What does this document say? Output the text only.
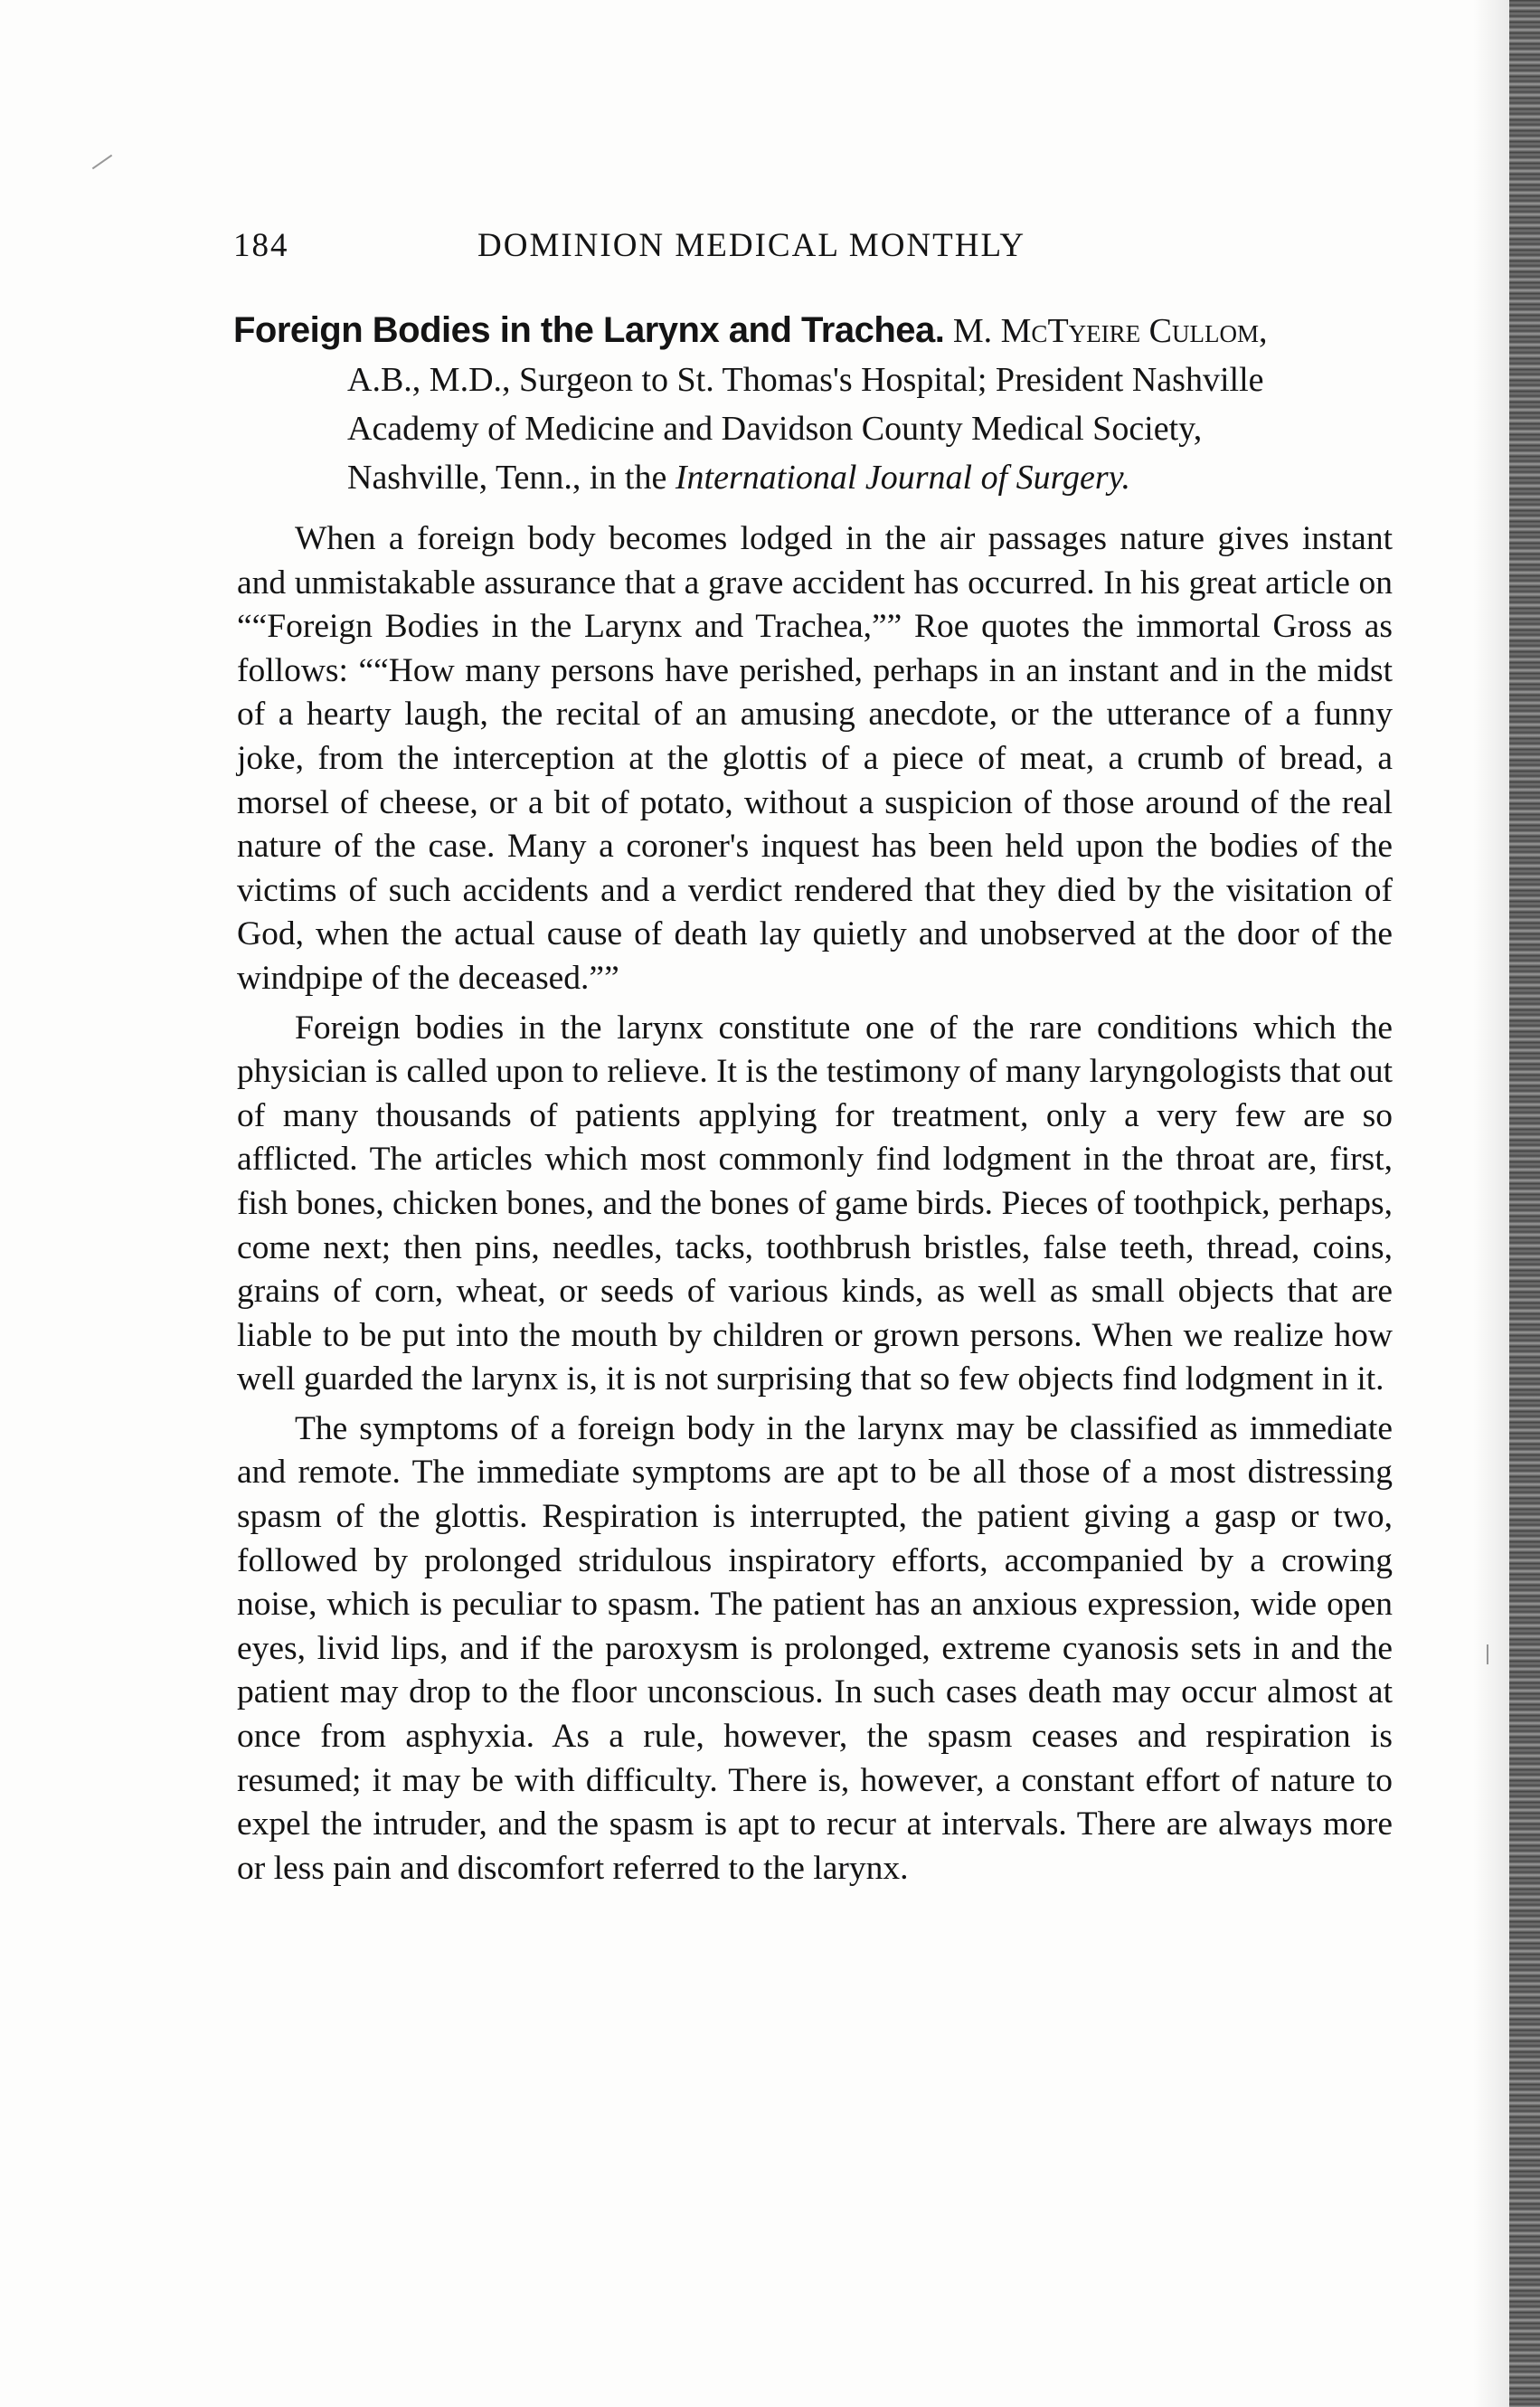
184	DOMINION MEDICAL MONTHLY
Foreign Bodies in the Larynx and Trachea. M. McTyeire Cullom,
A.B., M.D., Surgeon to St. Thomas's Hospital; President Nashville
Academy of Medicine and Davidson County Medical Society,
Nashville, Tenn., in the International Journal of Surgery.

When a foreign body becomes lodged in the air passages nature gives instant and unmistakable assurance that a grave accident has occurred. In his great article on ““Foreign Bodies in the Larynx and Trachea,”” Roe quotes the immortal Gross as follows: ““How many persons have perished, perhaps in an instant and in the midst of a hearty laugh, the recital of an amusing anecdote, or the utterance of a funny joke, from the interception at the glottis of a piece of meat, a crumb of bread, a morsel of cheese, or a bit of potato, without a suspicion of those around of the real nature of the case. Many a coroner's inquest has been held upon the bodies of the victims of such accidents and a verdict rendered that they died by the visitation of God, when the actual cause of death lay quietly and unobserved at the door of the windpipe of the deceased.””

Foreign bodies in the larynx constitute one of the rare conditions which the physician is called upon to relieve. It is the testimony of many laryngologists that out of many thousands of patients applying for treatment, only a very few are so afflicted. The articles which most commonly find lodgment in the throat are, first, fish bones, chicken bones, and the bones of game birds. Pieces of toothpick, perhaps, come next; then pins, needles, tacks, toothbrush bristles, false teeth, thread, coins, grains of corn, wheat, or seeds of various kinds, as well as small objects that are liable to be put into the mouth by children or grown persons. When we realize how well guarded the larynx is, it is not surprising that so few objects find lodgment in it.

The symptoms of a foreign body in the larynx may be classified as immediate and remote. The immediate symptoms are apt to be all those of a most distressing spasm of the glottis. Respiration is interrupted, the patient giving a gasp or two, followed by prolonged stridulous inspiratory efforts, accompanied by a crowing noise, which is peculiar to spasm. The patient has an anxious expression, wide open eyes, livid lips, and if the paroxysm is prolonged, extreme cyanosis sets in and the patient may drop to the floor unconscious. In such cases death may occur almost at once from asphyxia. As a rule, however, the spasm ceases and respiration is resumed; it may be with difficulty. There is, however, a constant effort of nature to expel the intruder, and the spasm is apt to recur at intervals. There are always more or less pain and discomfort referred to the larynx.
